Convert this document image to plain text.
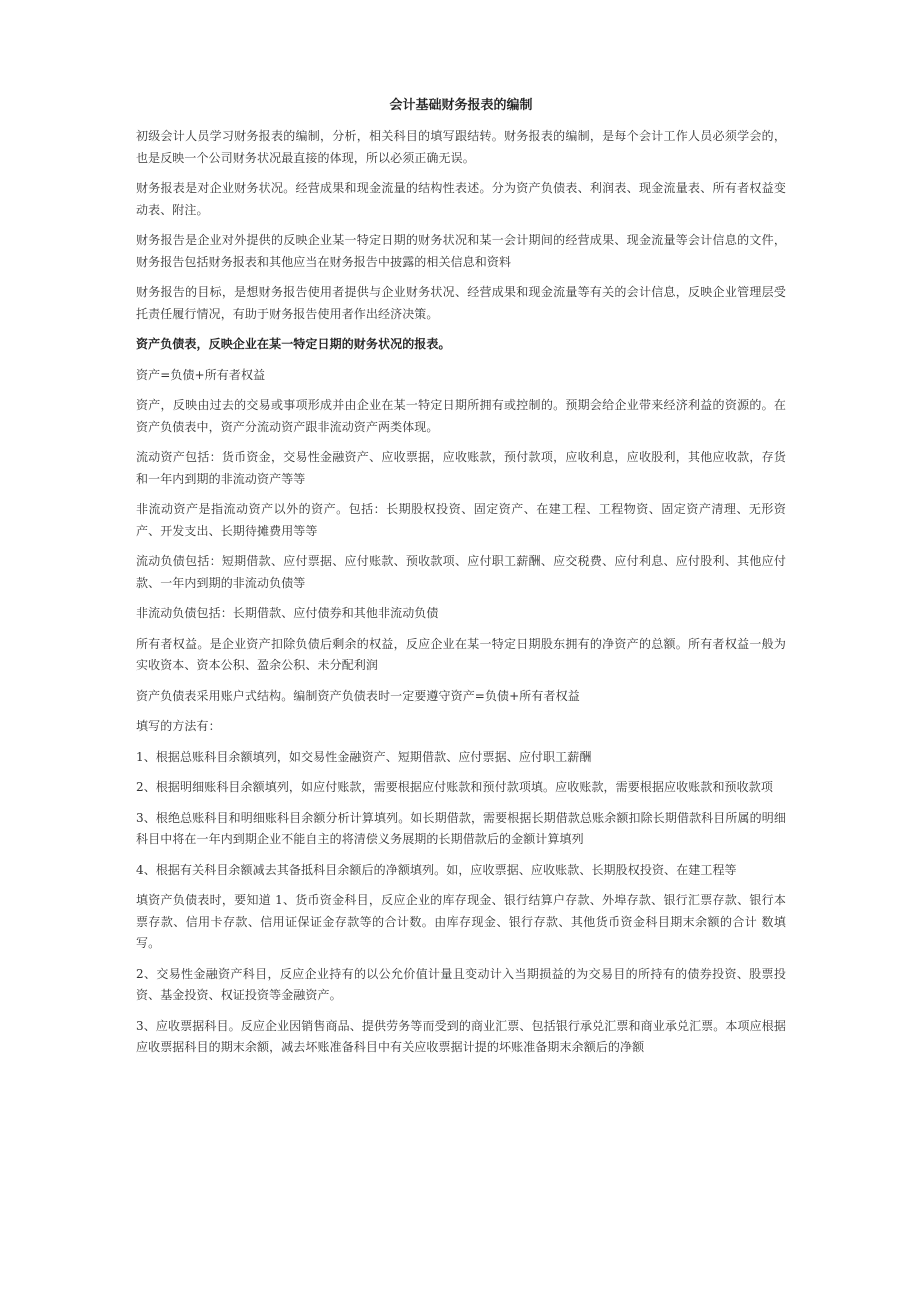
会计基础财务报表的编制

初级会计人员学习财务报表的编制，分析，相关科目的填写跟结转。财务报表的编制，是每个会计工作人员必须学会的， 也是反映一个公司财务状况最直接的体现，所以必须正确无误。

财务报表是对企业财务状况。经营成果和现金流量的结构性表述。分为资产负债表、利润表、现金流量表、所有者权益变动表、附注。

财务报告是企业对外提供的反映企业某一特定日期的财务状况和某一会计期间的经营成果、现金流量等会计信息的文件，财务报告包括财务报表和其他应当在财务报告中披露的相关信息和资料

财务报告的目标，是想财务报告使用者提供与企业财务状况、经营成果和现金流量等有关的会计信息，反映企业管理层受托责任履行情况，有助于财务报告使用者作出经济决策。

资产负债表，反映企业在某一特定日期的财务状况的报表。

资产=负债+所有者权益

资产，反映由过去的交易或事项形成并由企业在某一特定日期所拥有或控制的。预期会给企业带来经济利益的资源的。在资产负债表中，资产分流动资产跟非流动资产两类体现。

流动资产包括：货币资金，交易性金融资产、应收票据，应收账款，预付款项，应收利息，应收股利，其他应收款，存货和一年内到期的非流动资产等等

非流动资产是指流动资产以外的资产。包括：长期股权投资、固定资产、在建工程、工程物资、固定资产清理、无形资产、开发支出、长期待摊费用等等

流动负债包括：短期借款、应付票据、应付账款、预收款项、应付职工薪酬、应交税费、应付利息、应付股利、其他应付款、一年内到期的非流动负债等

非流动负债包括：长期借款、应付债券和其他非流动负债

所有者权益。是企业资产扣除负债后剩余的权益，反应企业在某一特定日期股东拥有的净资产的总额。所有者权益一般为实收资本、资本公积、盈余公积、未分配利润

资产负债表采用账户式结构。编制资产负债表时一定要遵守资产=负债+所有者权益

填写的方法有：

1、根据总账科目余额填列，如交易性金融资产、短期借款、应付票据、应付职工薪酬

2、根据明细账科目余额填列，如应付账款，需要根据应付账款和预付款项填。应收账款，需要根据应收账款和预收款项

3、根绝总账科目和明细账科目余额分析计算填列。如长期借款，需要根据长期借款总账余额扣除长期借款科目所属的明细科目中将在一年内到期企业不能自主的将清偿义务展期的长期借款后的金额计算填列

4、根据有关科目余额减去其备抵科目余额后的净额填列。如，应收票据、应收账款、长期股权投资、在建工程等

填资产负债表时，要知道 1、货币资金科目，反应企业的库存现金、银行结算户存款、外埠存款、银行汇票存款、银行本票存款、信用卡存款、信用证保证金存款等的合计数。由库存现金、银行存款、其他货币资金科目期末余额的合计 数填写。

2、交易性金融资产科目，反应企业持有的以公允价值计量且变动计入当期损益的为交易目的所持有的债券投资、股票投资、基金投资、权证投资等金融资产。

3、应收票据科目。反应企业因销售商品、提供劳务等而受到的商业汇票、包括银行承兑汇票和商业承兑汇票。本项应根据应收票据科目的期末余额，减去坏账准备科目中有关应收票据计提的坏账准备期末余额后的净额
